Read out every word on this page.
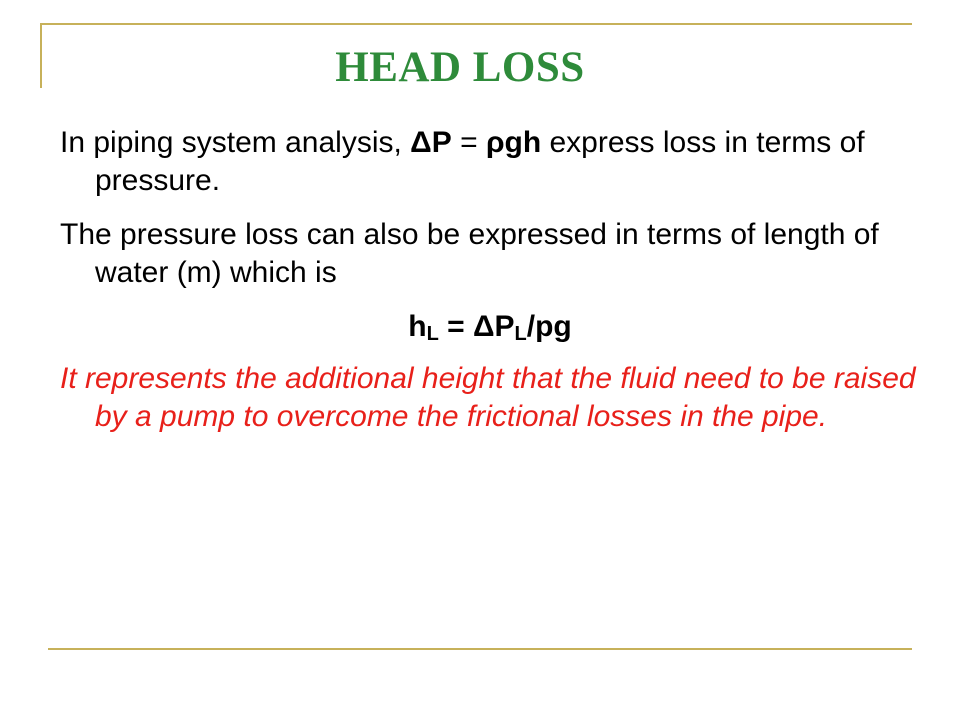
HEAD LOSS

In piping system analysis, ΔP = ρgh express loss in terms of pressure.

The pressure loss can also be expressed in terms of length of water (m) which is

$h_L = \Delta P_L/pg$

It represents the additional height that the fluid need to be raised by a pump to overcome the frictional losses in the pipe.
